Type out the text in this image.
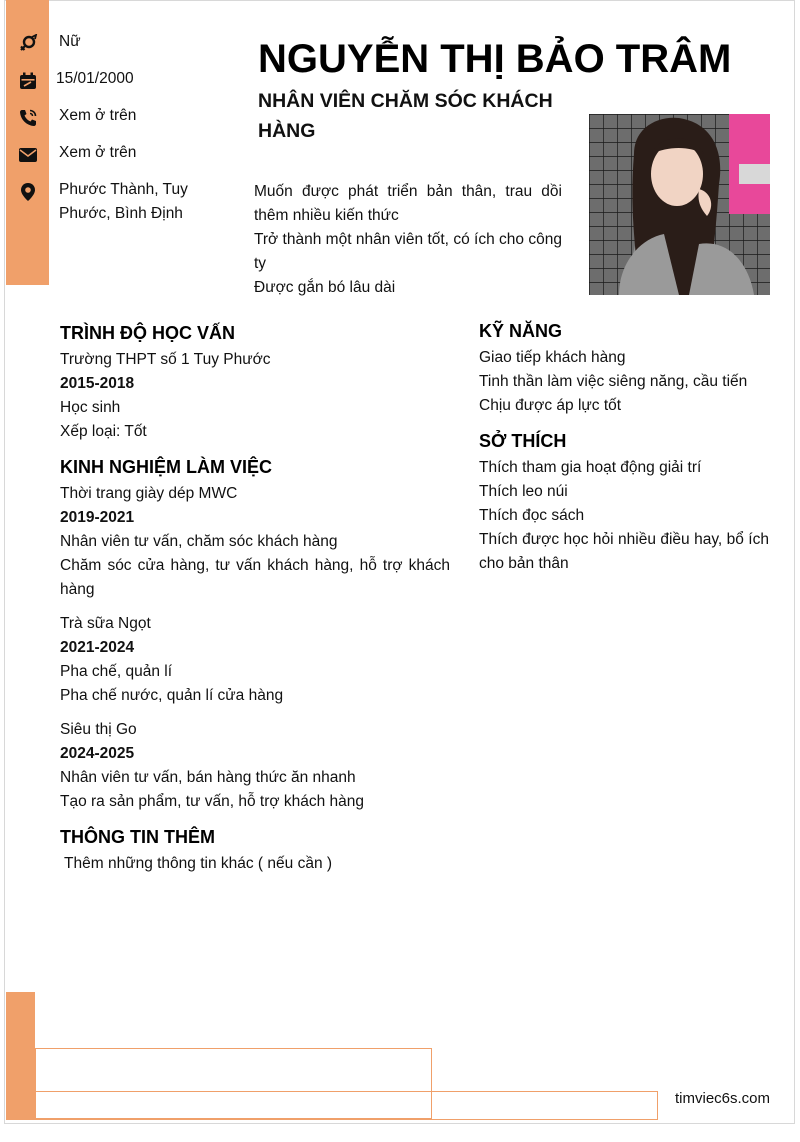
Nữ
15/01/2000
Xem ở trên
Xem ở trên
Phước Thành, Tuy Phước, Bình Định
NGUYỄN THỊ BẢO TRÂM
NHÂN VIÊN CHĂM SÓC KHÁCH HÀNG
Muốn được phát triển bản thân, trau dồi thêm nhiều kiến thức
Trở thành một nhân viên tốt, có ích cho công ty
Được gắn bó lâu dài
TRÌNH ĐỘ HỌC VẤN
Trường THPT số 1 Tuy Phước
2015-2018
Học sinh
Xếp loại: Tốt
KINH NGHIỆM LÀM VIỆC
Thời trang giày dép MWC
2019-2021
Nhân viên tư vấn, chăm sóc khách hàng
Chăm sóc cửa hàng, tư vấn khách hàng, hỗ trợ khách hàng
Trà sữa Ngọt
2021-2024
Pha chế, quản lí
Pha chế nước, quản lí cửa hàng
Siêu thị Go
2024-2025
Nhân viên tư vấn, bán hàng thức ăn nhanh
Tạo ra sản phẩm, tư vấn, hỗ trợ khách hàng
THÔNG TIN THÊM
Thêm những thông tin khác ( nếu cần )
KỸ NĂNG
Giao tiếp khách hàng
Tinh thần làm việc siêng năng, cầu tiến
Chịu được áp lực tốt
SỞ THÍCH
Thích tham gia hoạt động giải trí
Thích leo núi
Thích đọc sách
Thích được học hỏi nhiều điều hay, bổ ích cho bản thân
timviec6s.com
